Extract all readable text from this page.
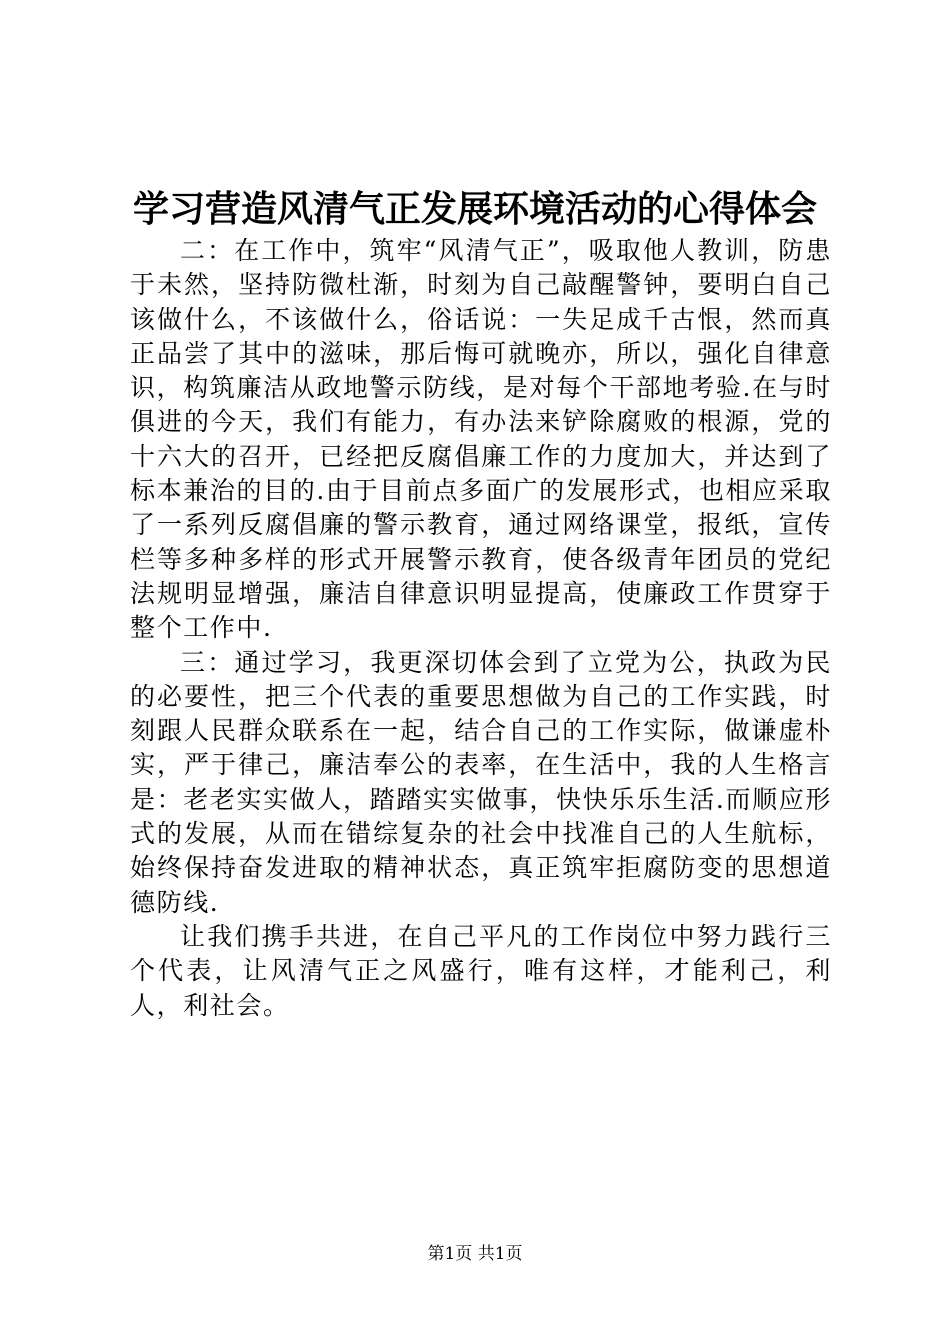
学习营造风清气正发展环境活动的心得体会

二：在工作中，筑牢“风清气正”，吸取他人教训，防患于未然，坚持防微杜渐，时刻为自己敲醒警钟，要明白自己该做什么，不该做什么，俗话说：一失足成千古恨，然而真正品尝了其中的滋味，那后悔可就晚亦，所以，强化自律意识，构筑廉洁从政地警示防线，是对每个干部地考验.在与时俱进的今天，我们有能力，有办法来铲除腐败的根源，党的十六大的召开，已经把反腐倡廉工作的力度加大，并达到了标本兼治的目的.由于目前点多面广的发展形式，也相应采取了一系列反腐倡廉的警示教育，通过网络课堂，报纸，宣传栏等多种多样的形式开展警示教育，使各级青年团员的党纪法规明显增强，廉洁自律意识明显提高，使廉政工作贯穿于整个工作中.

三：通过学习，我更深切体会到了立党为公，执政为民的必要性，把三个代表的重要思想做为自己的工作实践，时刻跟人民群众联系在一起，结合自己的工作实际，做谦虚朴实，严于律己，廉洁奉公的表率，在生活中，我的人生格言是：老老实实做人，踏踏实实做事，快快乐乐生活.而顺应形式的发展，从而在错综复杂的社会中找准自己的人生航标，始终保持奋发进取的精神状态，真正筑牢拒腐防变的思想道德防线.

让我们携手共进，在自己平凡的工作岗位中努力践行三个代表，让风清气正之风盛行，唯有这样，才能利己，利人，利社会。

第1页 共1页
